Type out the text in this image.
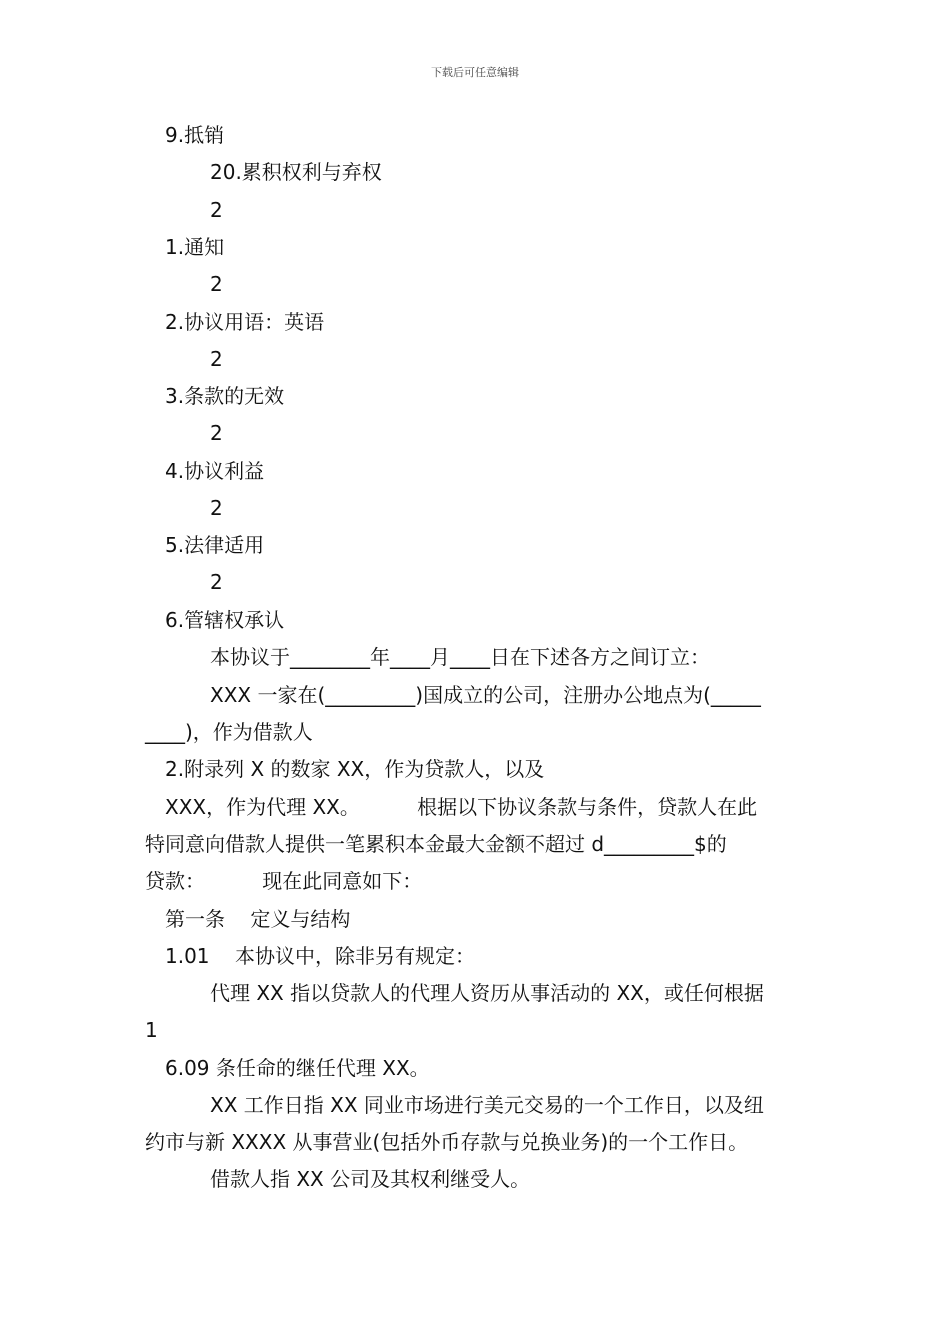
下载后可任意编辑
9.抵销
20.累积权利与弃权
2
1.通知
2
2.协议用语：英语
2
3.条款的无效
2
4.协议利益
2
5.法律适用
2
6.管辖权承认
本协议于________年____月____日在下述各方之间订立：
XXX 一家在(_________)国成立的公司，注册办公地点为(_____
____)，作为借款人
2.附录列 X 的数家 XX，作为贷款人，以及
XXX，作为代理 XX。         根据以下协议条款与条件，贷款人在此
特同意向借款人提供一笔累积本金最大金额不超过 d_________$的
贷款：         现在此同意如下：
第一条    定义与结构
1.01    本协议中，除非另有规定：
代理 XX 指以贷款人的代理人资历从事活动的 XX，或任何根据
1
6.09 条任命的继任代理 XX。
XX 工作日指 XX 同业市场进行美元交易的一个工作日，以及纽
约市与新 XXXX 从事营业(包括外币存款与兑换业务)的一个工作日。
借款人指 XX 公司及其权利继受人。
